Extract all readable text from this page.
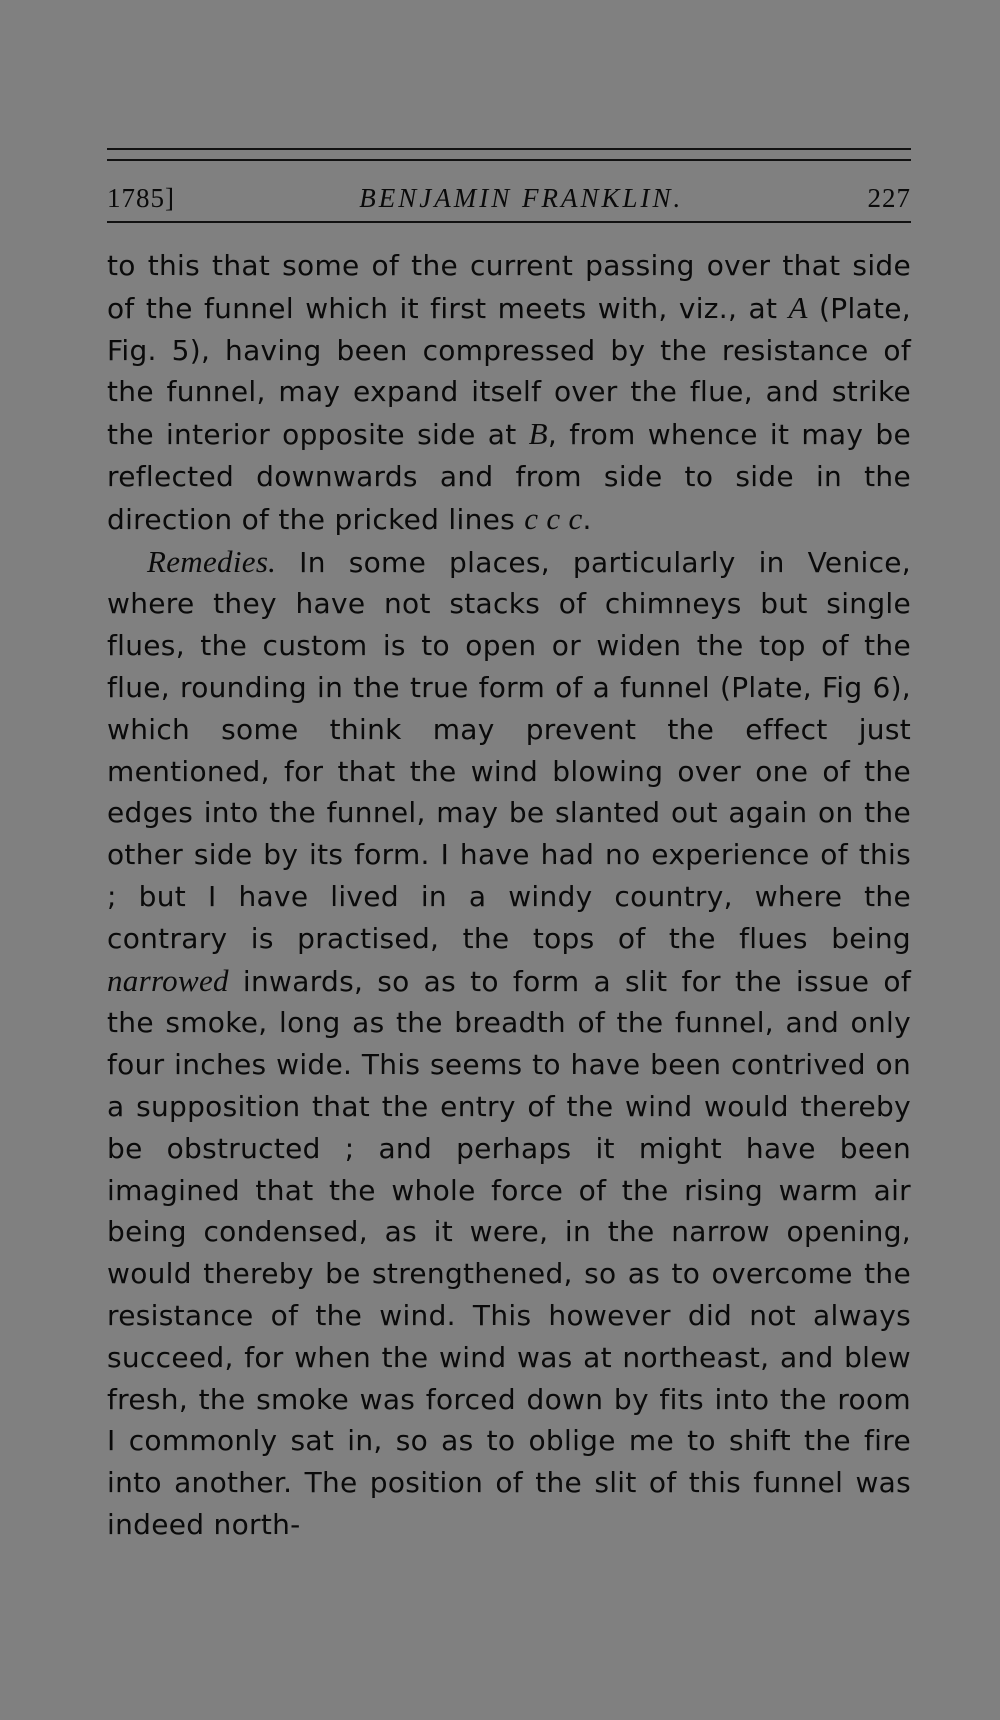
1785]	BENJAMIN FRANKLIN.	227

to this that some of the current passing over that side of the funnel which it first meets with, viz., at A (Plate, Fig. 5), having been compressed by the resistance of the funnel, may expand itself over the flue, and strike the interior opposite side at B, from whence it may be reflected downwards and from side to side in the direction of the pricked lines c c c.

Remedies. In some places, particularly in Venice, where they have not stacks of chimneys but single flues, the custom is to open or widen the top of the flue, rounding in the true form of a funnel (Plate, Fig 6), which some think may prevent the effect just mentioned, for that the wind blowing over one of the edges into the funnel, may be slanted out again on the other side by its form. I have had no experience of this ; but I have lived in a windy country, where the contrary is practised, the tops of the flues being narrowed inwards, so as to form a slit for the issue of the smoke, long as the breadth of the funnel, and only four inches wide. This seems to have been contrived on a supposition that the entry of the wind would thereby be obstructed ; and perhaps it might have been imagined that the whole force of the rising warm air being condensed, as it were, in the narrow opening, would thereby be strengthened, so as to overcome the resistance of the wind. This however did not always succeed, for when the wind was at northeast, and blew fresh, the smoke was forced down by fits into the room I commonly sat in, so as to oblige me to shift the fire into another. The position of the slit of this funnel was indeed north-
